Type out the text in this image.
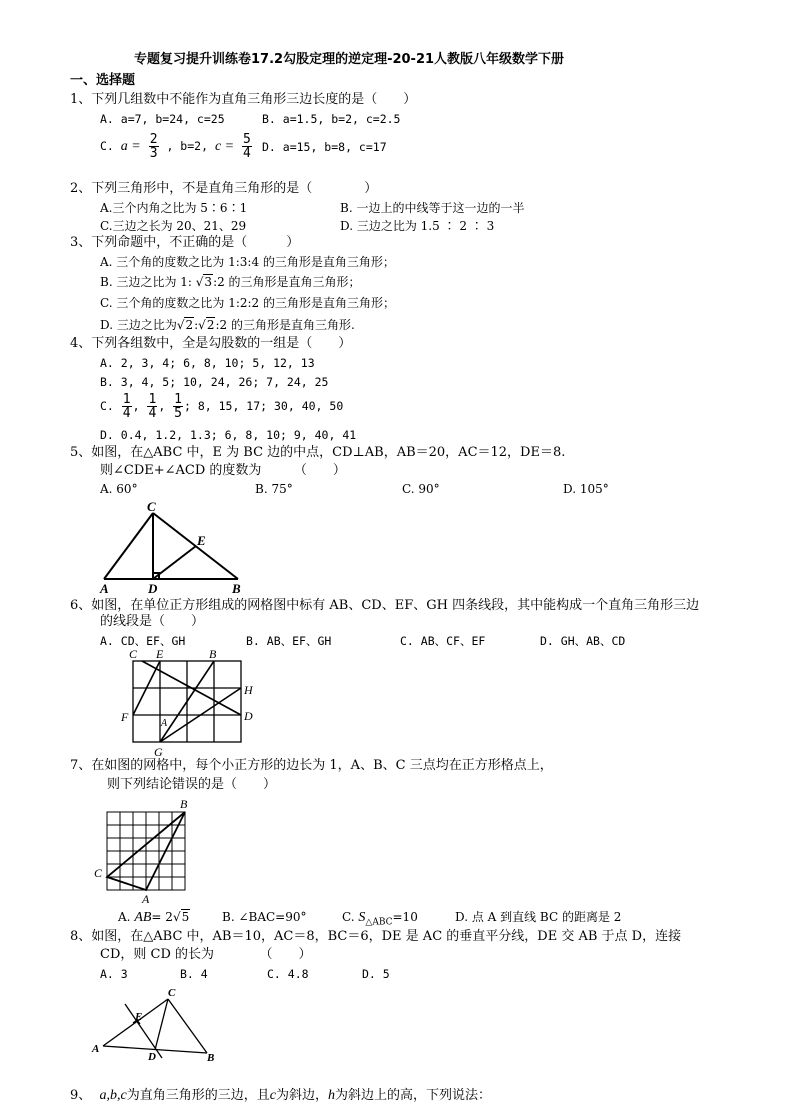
专题复习提升训练卷17.2勾股定理的逆定理-20-21人教版八年级数学下册
一、选择题
1、下列几组数中不能作为直角三角形三边长度的是（　　）
A. a=7, b=24, c=25	B. a=1.5, b=2, c=2.5
C. $a = \frac{2}{3}$ , b=2, $c = \frac{5}{4} D$. a=15, b=8, c=17
2、下列三角形中，不是直角三角形的是（　　　　）
A.三个内角之比为 5∶6∶1	B. 一边上的中线等于这一边的一半
C.三边之长为 20、21、29	D. 三边之比为 1.5 ∶ 2 ∶ 3
3、下列命题中，不正确的是（　　　）
A. 三个角的度数之比为 1:3:4 的三角形是直角三角形；
B. 三边之比为 1: √3:2 的三角形是直角三角形；
C. 三个角的度数之比为 1:2:2 的三角形是直角三角形；
D. 三边之比为√2:√2:2 的三角形是直角三角形.
4、下列各组数中，全是勾股数的一组是（　　）
A. 2, 3, 4; 6, 8, 10; 5, 12, 13
B. 3, 4, 5; 10, 24, 26; 7, 24, 25
C. $\frac{1}{4}$ , $\frac{1}{4}$ , $\frac{1}{5}$ ; 8, 15, 17; 30, 40, 50
D. 0.4, 1.2, 1.3; 6, 8, 10; 9, 40, 41
5、如图，在△ABC 中，E 为 BC 边的中点，CD⊥AB，AB＝20，AC＝12，DE＝8.
则∠CDE+∠ACD 的度数为　　　（　　）
A. 60°	B. 75°	C. 90°	D. 105°
C
E
A	D	B
6、如图，在单位正方形组成的网格图中标有 AB、CD、EF、GH 四条线段，其中能构成一个直角三角形三边
的线段是（　　）
A. CD、EF、GH	B. AB、EF、GH	C. AB、CF、EF	D. GH、AB、CD
C E	B
H
F	A
D
G
7、在如图的网格中，每个小正方形的边长为 1，A、B、C 三点均在正方形格点上，
则下列结论错误的是（　　）
B
C
A
A. AB= 2√5	B. ∠BAC=90°	C. $S_{\triangle ABC}=10$	D. 点 A 到直线 BC 的距离是 2
8、如图，在△ABC 中，AB＝10，AC＝8，BC＝6，DE 是 AC 的垂直平分线，DE 交 AB 于点 D，连接
CD，则 CD 的长为　　　　（　　）
A. 3	B. 4	C. 4.8	D. 5
C
E
A
D	B
9、 a,b,c为直角三角形的三边，且c为斜边，h为斜边上的高，下列说法：
